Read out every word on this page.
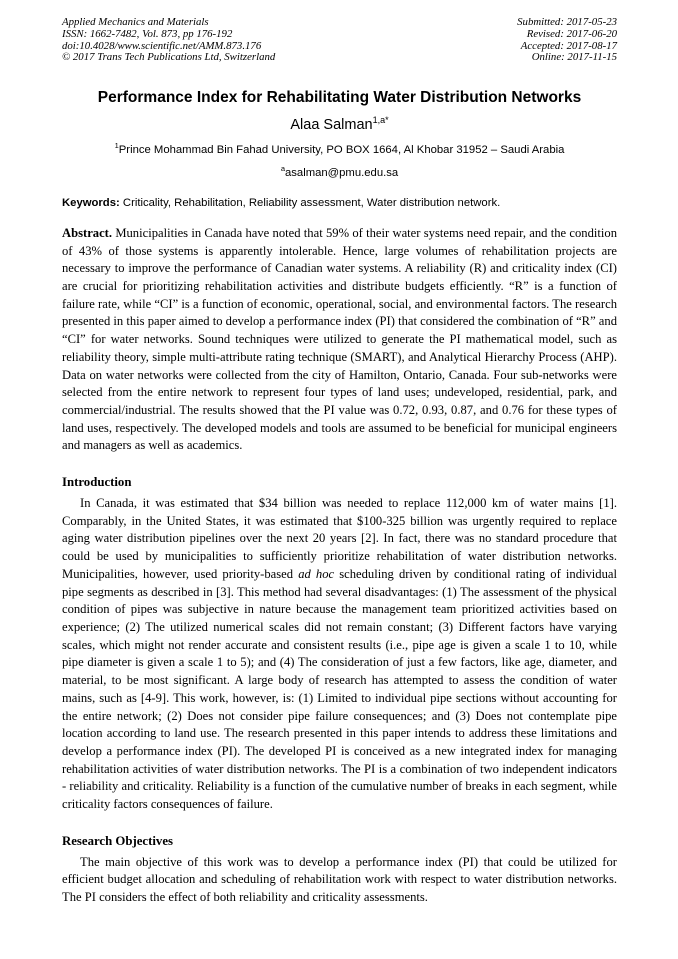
Applied Mechanics and Materials
ISSN: 1662-7482, Vol. 873, pp 176-192
doi:10.4028/www.scientific.net/AMM.873.176
© 2017 Trans Tech Publications Ltd, Switzerland
Submitted: 2017-05-23
Revised: 2017-06-20
Accepted: 2017-08-17
Online: 2017-11-15
Performance Index for Rehabilitating Water Distribution Networks
Alaa Salman$^{1,a*}$
$^1$Prince Mohammad Bin Fahad University, PO BOX 1664, Al Khobar 31952 – Saudi Arabia
$^a$asalman@pmu.edu.sa
Keywords: Criticality, Rehabilitation, Reliability assessment, Water distribution network.

Abstract. Municipalities in Canada have noted that 59% of their water systems need repair, and the condition of 43% of those systems is apparently intolerable. Hence, large volumes of rehabilitation projects are necessary to improve the performance of Canadian water systems. A reliability (R) and criticality index (CI) are crucial for prioritizing rehabilitation activities and distribute budgets efficiently. “R” is a function of failure rate, while “CI” is a function of economic, operational, social, and environmental factors. The research presented in this paper aimed to develop a performance index (PI) that considered the combination of “R” and “CI” for water networks. Sound techniques were utilized to generate the PI mathematical model, such as reliability theory, simple multi-attribute rating technique (SMART), and Analytical Hierarchy Process (AHP). Data on water networks were collected from the city of Hamilton, Ontario, Canada. Four sub-networks were selected from the entire network to represent four types of land uses; undeveloped, residential, park, and commercial/industrial. The results showed that the PI value was 0.72, 0.93, 0.87, and 0.76 for these types of land uses, respectively. The developed models and tools are assumed to be beneficial for municipal engineers and managers as well as academics.

Introduction

In Canada, it was estimated that $34 billion was needed to replace 112,000 km of water mains [1]. Comparably, in the United States, it was estimated that $100-325 billion was urgently required to replace aging water distribution pipelines over the next 20 years [2]. In fact, there was no standard procedure that could be used by municipalities to sufficiently prioritize rehabilitation of water distribution networks. Municipalities, however, used priority-based ad hoc scheduling driven by conditional rating of individual pipe segments as described in [3]. This method had several disadvantages: (1) The assessment of the physical condition of pipes was subjective in nature because the management team prioritized activities based on experience; (2) The utilized numerical scales did not remain constant; (3) Different factors have varying scales, which might not render accurate and consistent results (i.e., pipe age is given a scale 1 to 10, while pipe diameter is given a scale 1 to 5); and (4) The consideration of just a few factors, like age, diameter, and material, to be most significant. A large body of research has attempted to assess the condition of water mains, such as [4-9]. This work, however, is: (1) Limited to individual pipe sections without accounting for the entire network; (2) Does not consider pipe failure consequences; and (3) Does not contemplate pipe location according to land use. The research presented in this paper intends to address these limitations and develop a performance index (PI). The developed PI is conceived as a new integrated index for managing rehabilitation activities of water distribution networks. The PI is a combination of two independent indicators - reliability and criticality. Reliability is a function of the cumulative number of breaks in each segment, while criticality factors consequences of failure.

Research Objectives

The main objective of this work was to develop a performance index (PI) that could be utilized for efficient budget allocation and scheduling of rehabilitation work with respect to water distribution networks. The PI considers the effect of both reliability and criticality assessments.
